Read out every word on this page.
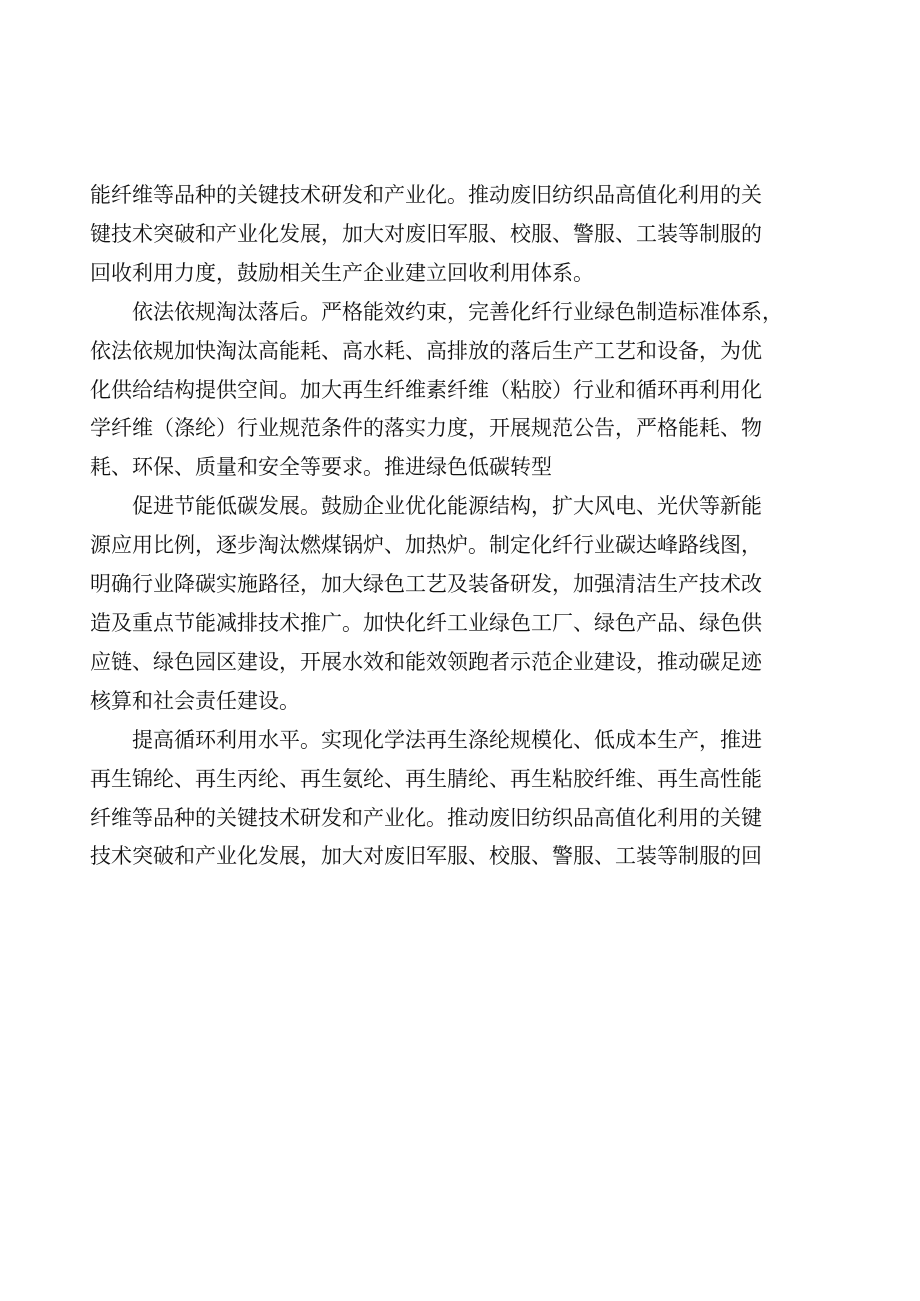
能纤维等品种的关键技术研发和产业化。推动废旧纺织品高值化利用的关
键技术突破和产业化发展，加大对废旧军服、校服、警服、工装等制服的
回收利用力度，鼓励相关生产企业建立回收利用体系。
依法依规淘汰落后。严格能效约束，完善化纤行业绿色制造标准体系，
依法依规加快淘汰高能耗、高水耗、高排放的落后生产工艺和设备，为优
化供给结构提供空间。加大再生纤维素纤维（粘胶）行业和循环再利用化
学纤维（涤纶）行业规范条件的落实力度，开展规范公告，严格能耗、物
耗、环保、质量和安全等要求。推进绿色低碳转型
促进节能低碳发展。鼓励企业优化能源结构，扩大风电、光伏等新能
源应用比例，逐步淘汰燃煤锅炉、加热炉。制定化纤行业碳达峰路线图，
明确行业降碳实施路径，加大绿色工艺及装备研发，加强清洁生产技术改
造及重点节能减排技术推广。加快化纤工业绿色工厂、绿色产品、绿色供
应链、绿色园区建设，开展水效和能效领跑者示范企业建设，推动碳足迹
核算和社会责任建设。
提高循环利用水平。实现化学法再生涤纶规模化、低成本生产，推进
再生锦纶、再生丙纶、再生氨纶、再生腈纶、再生粘胶纤维、再生高性能
纤维等品种的关键技术研发和产业化。推动废旧纺织品高值化利用的关键
技术突破和产业化发展，加大对废旧军服、校服、警服、工装等制服的回
